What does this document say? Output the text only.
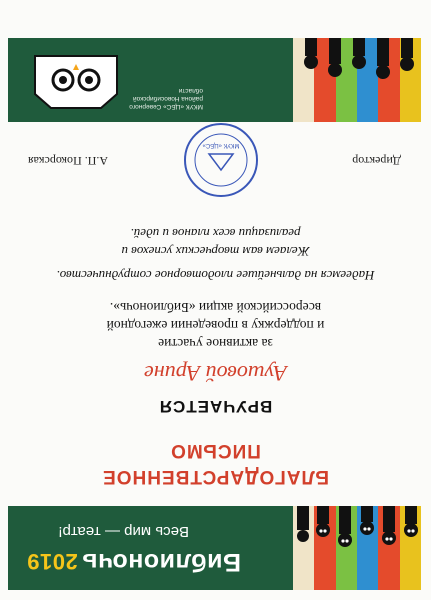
Библионочь2019
Весь мир — театр!
БЛАГОДАРСТВЕННОЕ
ПИСЬМО
ВРУЧАЕТСЯ
Аушовой Арине
за активное участие
и поддержку в проведении ежегодной
всероссийской акции «Библионочь».
Надеемся на дальнейшее плодотворное сотрудничество.
Желаем вам творческих успехов и
реализации всех планов и идей.
МКУК «ЦБС»
Директор
А.П. Покорская
МКУК «ЦБС» Северного района Новосибирской области
